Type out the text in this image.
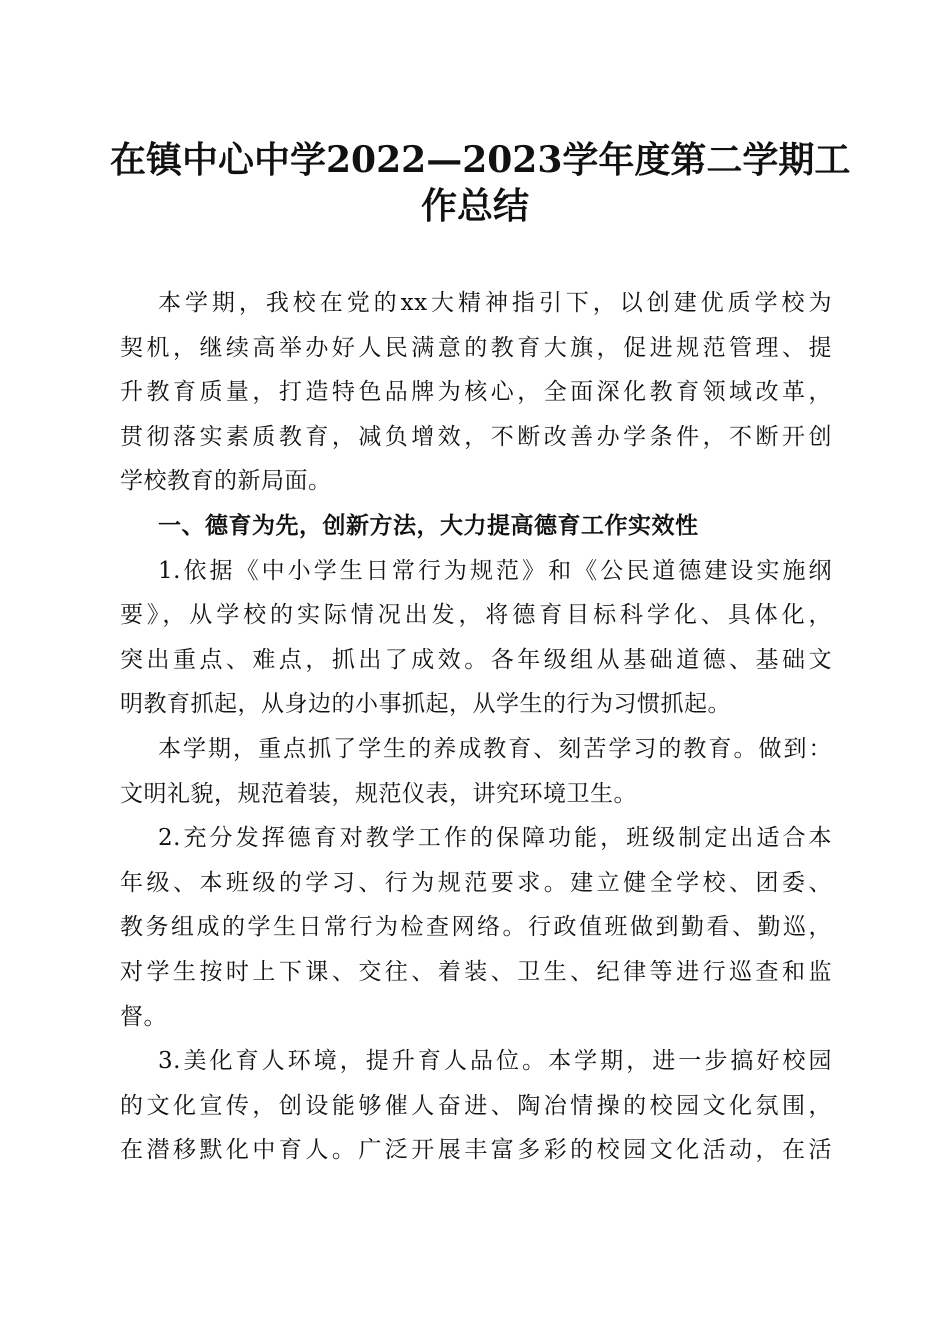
在镇中心中学2022—2023学年度第二学期工
作总结
本学期，我校在党的xx大精神指引下，以创建优质学校为
契机，继续高举办好人民满意的教育大旗，促进规范管理、提
升教育质量，打造特色品牌为核心，全面深化教育领域改革，
贯彻落实素质教育，减负增效，不断改善办学条件，不断开创
学校教育的新局面。
一、德育为先，创新方法，大力提高德育工作实效性
1.依据《中小学生日常行为规范》和《公民道德建设实施纲
要》，从学校的实际情况出发，将德育目标科学化、具体化，
突出重点、难点，抓出了成效。各年级组从基础道德、基础文
明教育抓起，从身边的小事抓起，从学生的行为习惯抓起。
本学期，重点抓了学生的养成教育、刻苦学习的教育。做到：
文明礼貌，规范着装，规范仪表，讲究环境卫生。
2.充分发挥德育对教学工作的保障功能，班级制定出适合本
年级、本班级的学习、行为规范要求。建立健全学校、团委、
教务组成的学生日常行为检查网络。行政值班做到勤看、勤巡，
对学生按时上下课、交往、着装、卫生、纪律等进行巡查和监
督。
3.美化育人环境，提升育人品位。本学期，进一步搞好校园
的文化宣传，创设能够催人奋进、陶冶情操的校园文化氛围，
在潜移默化中育人。广泛开展丰富多彩的校园文化活动，在活
